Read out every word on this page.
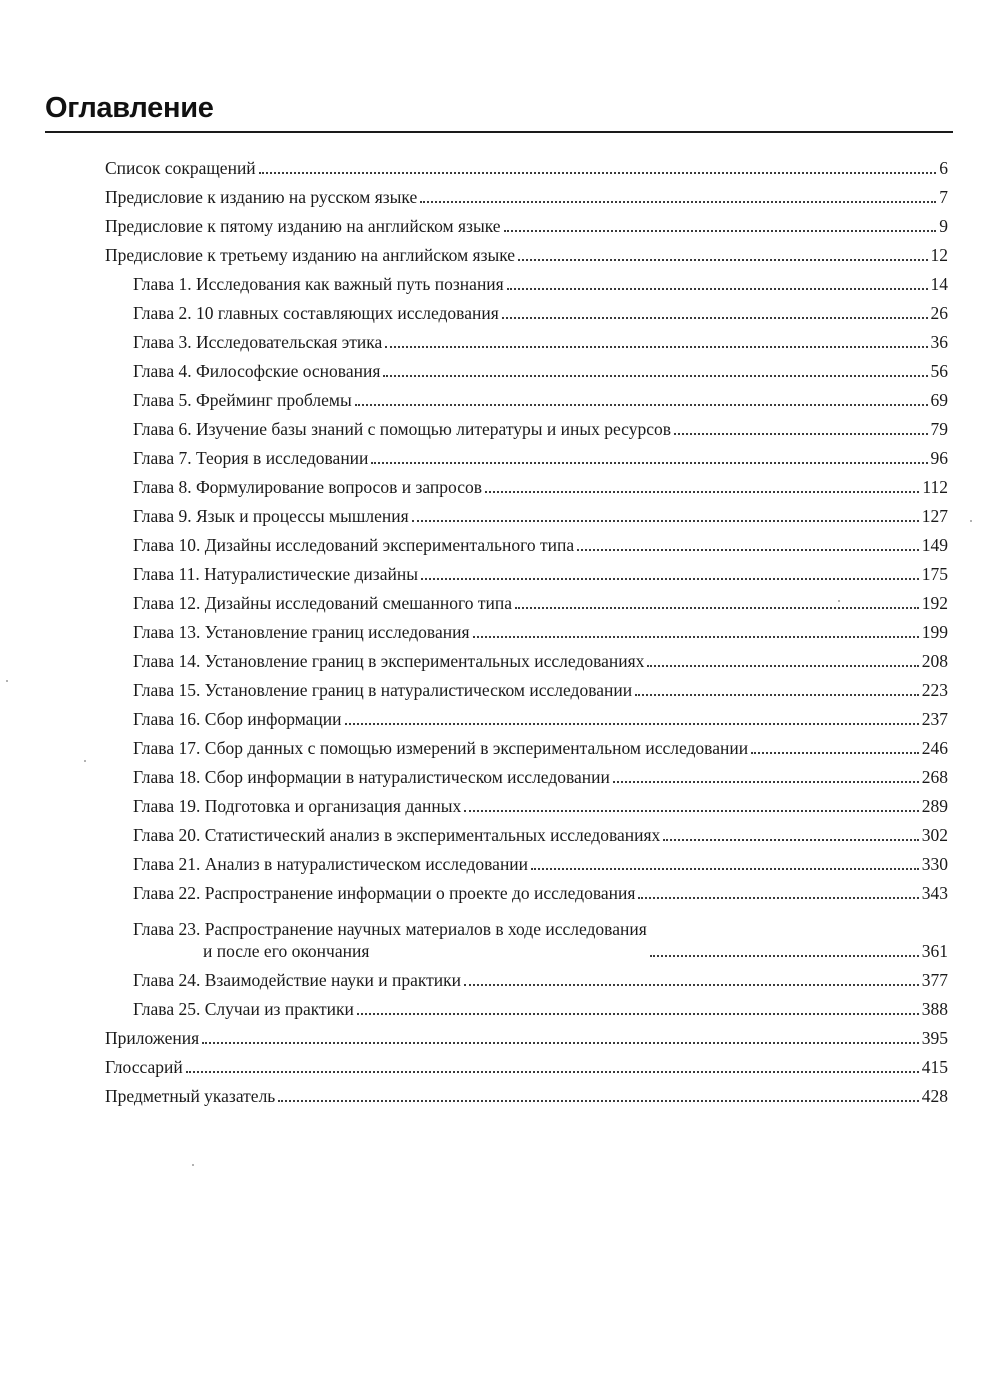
Оглавление
Список сокращений	6
Предисловие к изданию на русском языке	7
Предисловие к пятому изданию на английском языке	9
Предисловие к третьему изданию на английском языке	12
Глава 1. Исследования как важный путь познания	14
Глава 2. 10 главных составляющих исследования	26
Глава 3. Исследовательская этика	36
Глава 4. Философские основания	56
Глава 5. Фрейминг проблемы	69
Глава 6. Изучение базы знаний с помощью литературы и иных ресурсов	79
Глава 7. Теория в исследовании	96
Глава 8. Формулирование вопросов и запросов	112
Глава 9. Язык и процессы мышления	127
Глава 10. Дизайны исследований экспериментального типа	149
Глава 11. Натуралистические дизайны	175
Глава 12. Дизайны исследований смешанного типа	192
Глава 13. Установление границ исследования	199
Глава 14. Установление границ в экспериментальных исследованиях	208
Глава 15. Установление границ в натуралистическом исследовании	223
Глава 16. Сбор информации	237
Глава 17. Сбор данных с помощью измерений в экспериментальном исследовании	246
Глава 18. Сбор информации в натуралистическом исследовании	268
Глава 19. Подготовка и организация данных	289
Глава 20. Статистический анализ в экспериментальных исследованиях	302
Глава 21. Анализ в натуралистическом исследовании	330
Глава 22. Распространение информации о проекте до исследования	343
Глава 23. Распространение научных материалов в ходе исследования
и после его окончания	361
Глава 24. Взаимодействие науки и практики	377
Глава 25. Случаи из практики	388
Приложения	395
Глоссарий	415
Предметный указатель	428
